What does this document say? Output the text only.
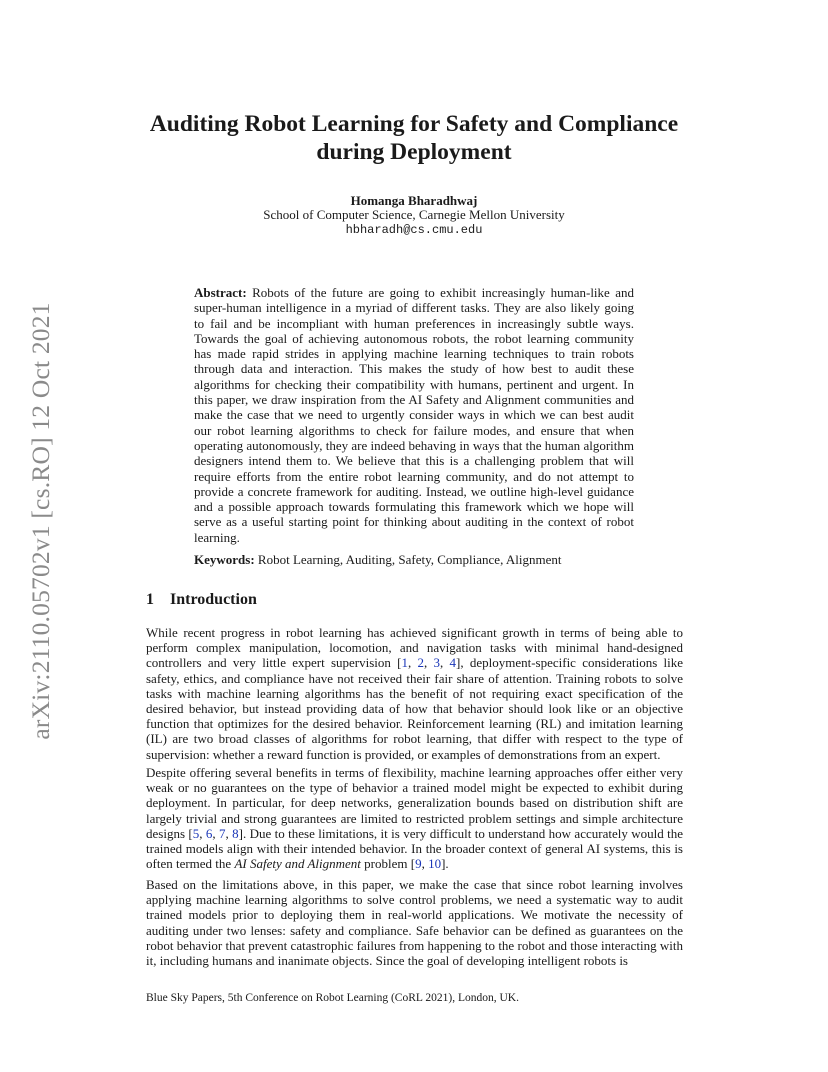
arXiv:2110.05702v1 [cs.RO] 12 Oct 2021
Auditing Robot Learning for Safety and Compliance during Deployment
Homanga Bharadhwaj
School of Computer Science, Carnegie Mellon University
hbharadh@cs.cmu.edu

Abstract: Robots of the future are going to exhibit increasingly human-like and super-human intelligence in a myriad of different tasks. They are also likely going to fail and be incompliant with human preferences in increasingly subtle ways. Towards the goal of achieving autonomous robots, the robot learning community has made rapid strides in applying machine learning techniques to train robots through data and interaction. This makes the study of how best to audit these algorithms for checking their compatibility with humans, pertinent and urgent. In this paper, we draw inspiration from the AI Safety and Alignment communities and make the case that we need to urgently consider ways in which we can best audit our robot learning algorithms to check for failure modes, and ensure that when operating autonomously, they are indeed behaving in ways that the human algorithm designers intend them to. We believe that this is a challenging problem that will require efforts from the entire robot learning community, and do not attempt to provide a concrete framework for auditing. Instead, we outline high-level guidance and a possible approach towards formulating this framework which we hope will serve as a useful starting point for thinking about auditing in the context of robot learning.

Keywords: Robot Learning, Auditing, Safety, Compliance, Alignment

1 Introduction

While recent progress in robot learning has achieved significant growth in terms of being able to perform complex manipulation, locomotion, and navigation tasks with minimal hand-designed controllers and very little expert supervision [1, 2, 3, 4], deployment-specific considerations like safety, ethics, and compliance have not received their fair share of attention. Training robots to solve tasks with machine learning algorithms has the benefit of not requiring exact specification of the desired behavior, but instead providing data of how that behavior should look like or an objective function that optimizes for the desired behavior. Reinforcement learning (RL) and imitation learning (IL) are two broad classes of algorithms for robot learning, that differ with respect to the type of supervision: whether a reward function is provided, or examples of demonstrations from an expert.

Despite offering several benefits in terms of flexibility, machine learning approaches offer either very weak or no guarantees on the type of behavior a trained model might be expected to exhibit during deployment. In particular, for deep networks, generalization bounds based on distribution shift are largely trivial and strong guarantees are limited to restricted problem settings and simple architecture designs [5, 6, 7, 8]. Due to these limitations, it is very difficult to understand how accurately would the trained models align with their intended behavior. In the broader context of general AI systems, this is often termed the AI Safety and Alignment problem [9, 10].

Based on the limitations above, in this paper, we make the case that since robot learning involves applying machine learning algorithms to solve control problems, we need a systematic way to audit trained models prior to deploying them in real-world applications. We motivate the necessity of auditing under two lenses: safety and compliance. Safe behavior can be defined as guarantees on the robot behavior that prevent catastrophic failures from happening to the robot and those interacting with it, including humans and inanimate objects. Since the goal of developing intelligent robots is

Blue Sky Papers, 5th Conference on Robot Learning (CoRL 2021), London, UK.
